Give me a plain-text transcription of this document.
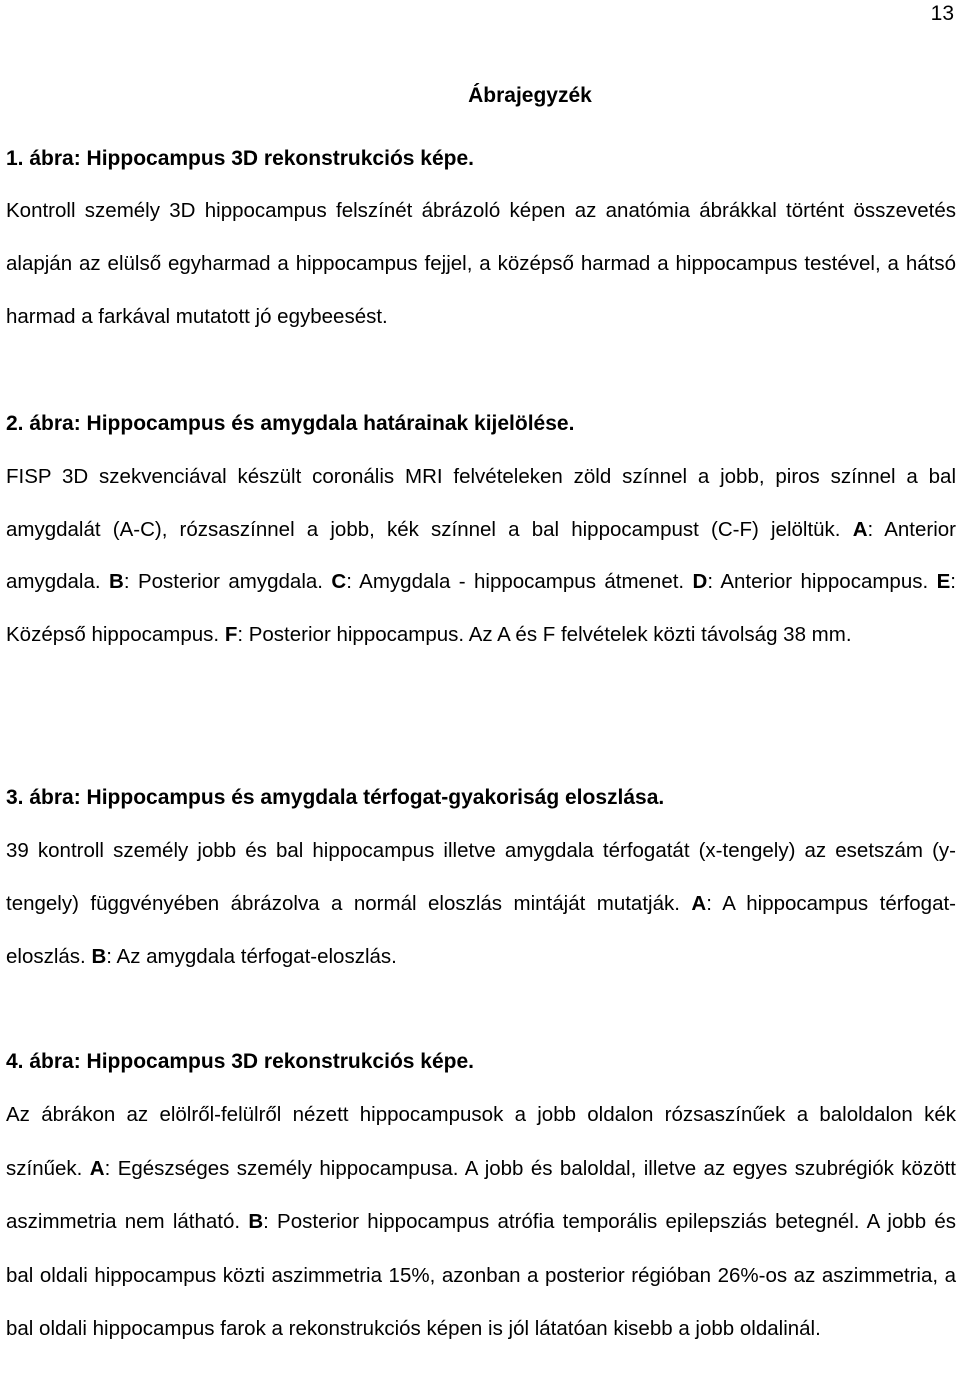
13
Ábrajegyzék

1. ábra: Hippocampus 3D rekonstrukciós képe.

Kontroll személy 3D hippocampus felszínét ábrázoló képen az anatómia ábrákkal történt összevetés alapján az elülső egyharmad a hippocampus fejjel, a középső harmad a hippocampus testével, a hátsó harmad a farkával mutatott jó egybeesést.

2. ábra: Hippocampus és amygdala határainak kijelölése.

FISP 3D szekvenciával készült coronális MRI felvételeken zöld színnel a jobb, piros színnel a bal amygdalát (A-C), rózsaszínnel a jobb, kék színnel a bal hippocampust (C-F) jelöltük. A: Anterior amygdala. B: Posterior amygdala. C: Amygdala - hippocampus átmenet. D: Anterior hippocampus. E: Középső hippocampus. F: Posterior hippocampus. Az A és F felvételek közti távolság 38 mm.

3. ábra: Hippocampus és amygdala térfogat-gyakoriság eloszlása.

39 kontroll személy jobb és bal hippocampus illetve amygdala térfogatát (x-tengely) az esetszám (y-tengely) függvényében ábrázolva a normál eloszlás mintáját mutatják. A: A hippocampus térfogat-eloszlás. B: Az amygdala térfogat-eloszlás.

4. ábra: Hippocampus 3D rekonstrukciós képe.

Az ábrákon az elölről-felülről nézett hippocampusok a jobb oldalon rózsaszínűek a baloldalon kék színűek. A: Egészséges személy hippocampusa. A jobb és baloldal, illetve az egyes szubrégiók között aszimmetria nem látható. B: Posterior hippocampus atrófia temporális epilepsziás betegnél. A jobb és bal oldali hippocampus közti aszimmetria 15%, azonban a posterior régióban 26%-os az aszimmetria, a bal oldali hippocampus farok a rekonstrukciós képen is jól látatóan kisebb a jobb oldalinál.
